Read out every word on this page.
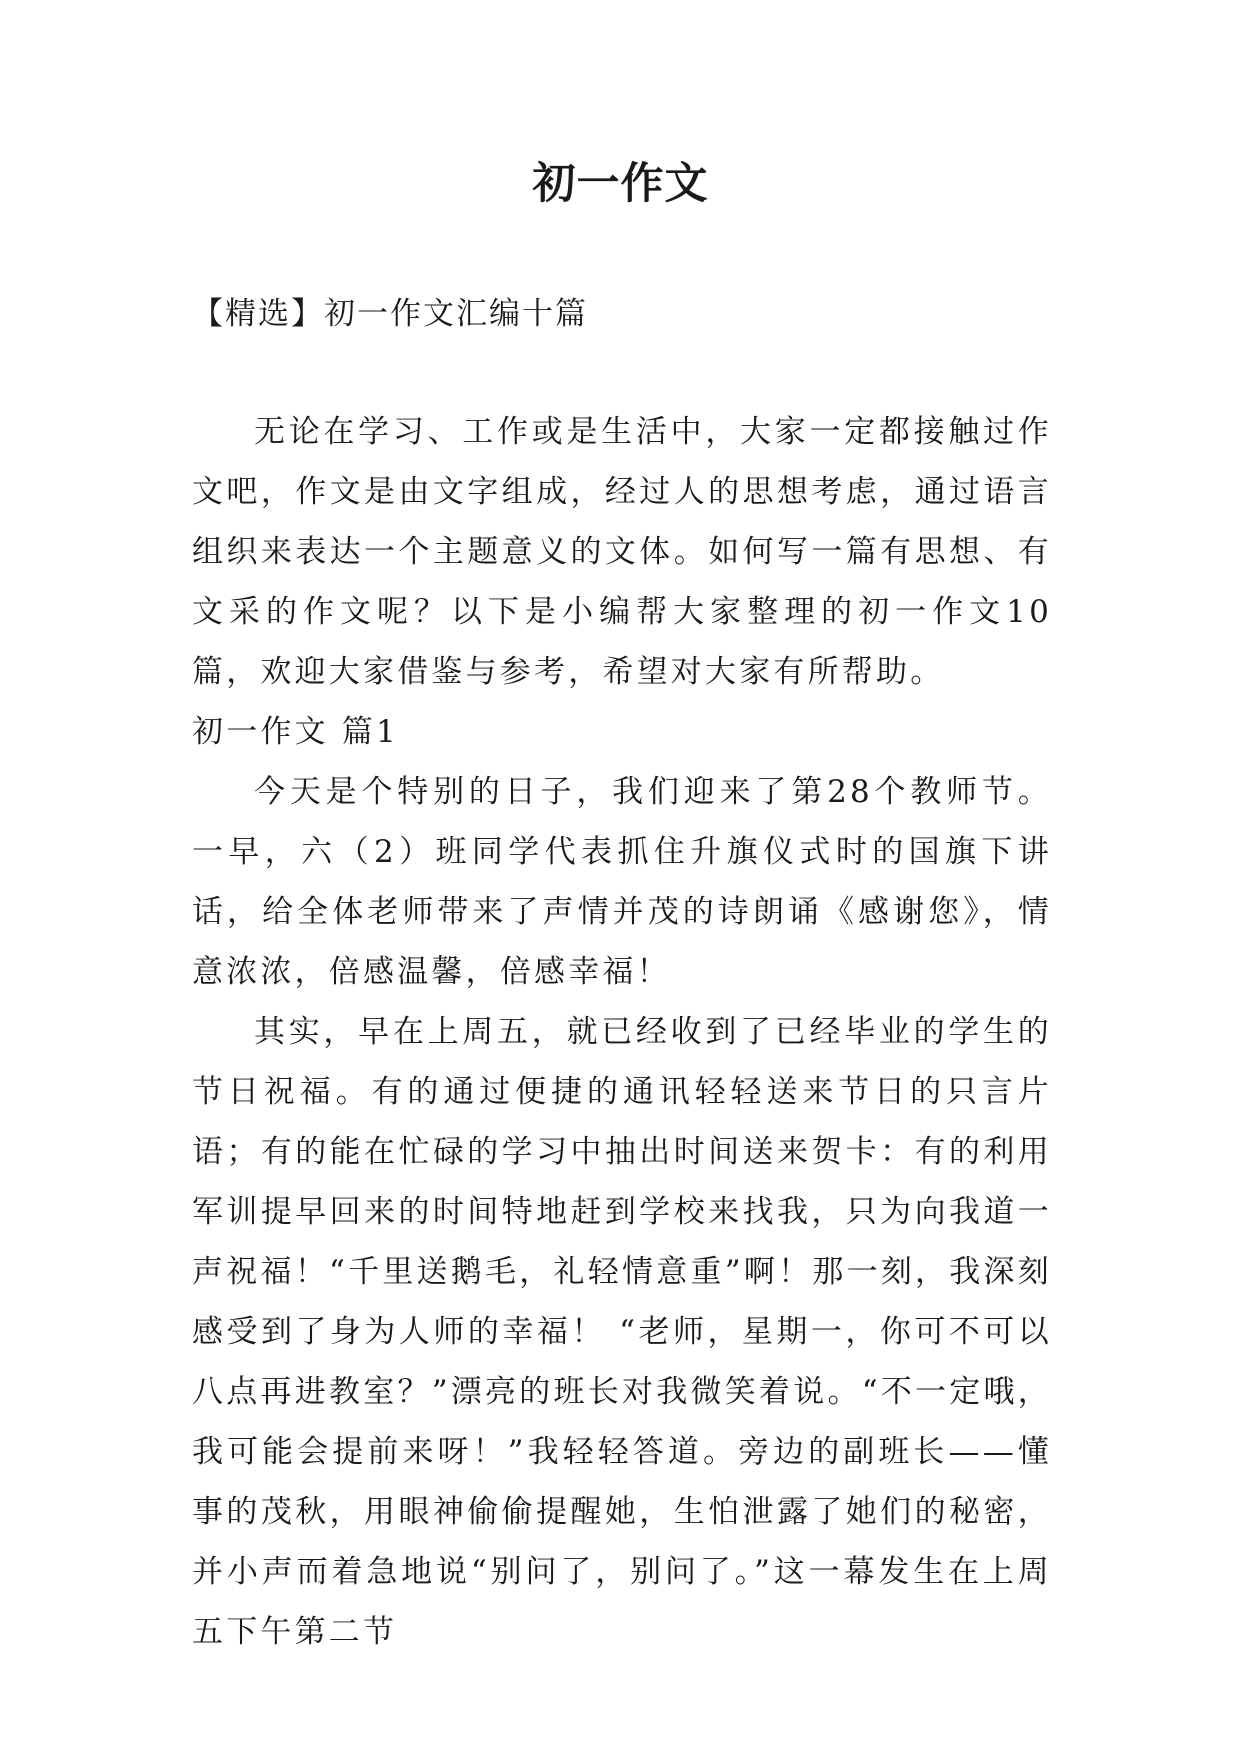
初一作文
【精选】初一作文汇编十篇

无论在学习、工作或是生活中，大家一定都接触过作文吧，作文是由文字组成，经过人的思想考虑，通过语言组织来表达一个主题意义的文体。如何写一篇有思想、有文采的作文呢？以下是小编帮大家整理的初一作文10篇，欢迎大家借鉴与参考，希望对大家有所帮助。

初一作文 篇1

今天是个特别的日子，我们迎来了第28个教师节。一早，六（2）班同学代表抓住升旗仪式时的国旗下讲话，给全体老师带来了声情并茂的诗朗诵《感谢您》，情意浓浓，倍感温馨，倍感幸福！

其实，早在上周五，就已经收到了已经毕业的学生的节日祝福。有的通过便捷的通讯轻轻送来节日的只言片语；有的能在忙碌的学习中抽出时间送来贺卡：有的利用军训提早回来的时间特地赶到学校来找我，只为向我道一声祝福！“千里送鹅毛，礼轻情意重”啊！那一刻，我深刻感受到了身为人师的幸福！ “老师，星期一，你可不可以八点再进教室？”漂亮的班长对我微笑着说。“不一定哦，我可能会提前来呀！”我轻轻答道。旁边的副班长——懂事的茂秋，用眼神偷偷提醒她，生怕泄露了她们的秘密，并小声而着急地说“别问了，别问了。”这一幕发生在上周五下午第二节
